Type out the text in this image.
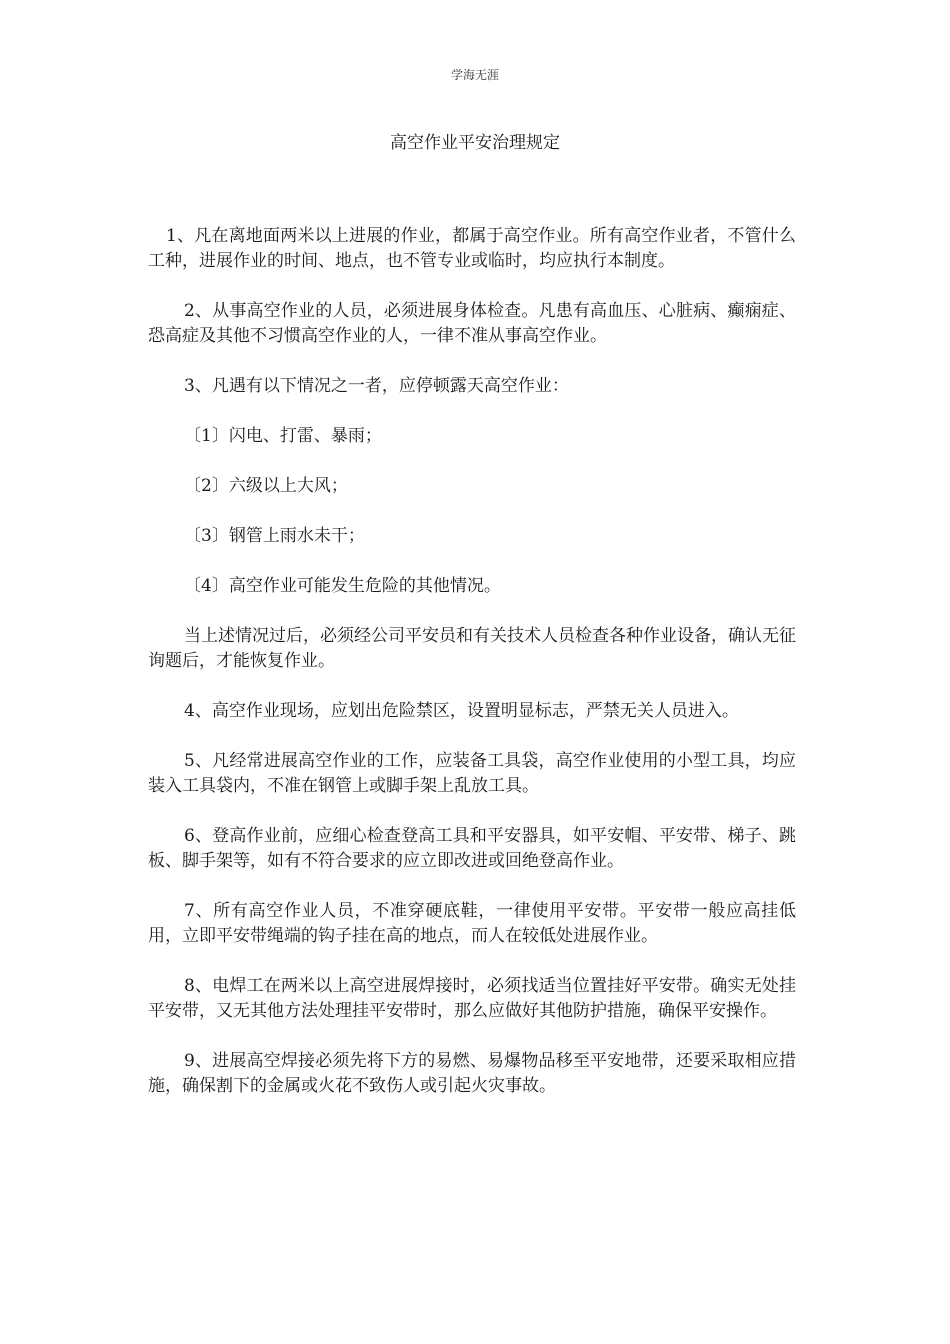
学海无涯
高空作业平安治理规定

1、凡在离地面两米以上进展的作业，都属于高空作业。所有高空作业者，不管什么工种，进展作业的时间、地点，也不管专业或临时，均应执行本制度。

2、从事高空作业的人员，必须进展身体检查。凡患有高血压、心脏病、癫痫症、恐高症及其他不习惯高空作业的人，一律不准从事高空作业。

3、凡遇有以下情况之一者，应停顿露天高空作业：

〔1〕闪电、打雷、暴雨；

〔2〕六级以上大风；

〔3〕钢管上雨水未干；

〔4〕高空作业可能发生危险的其他情况。

当上述情况过后，必须经公司平安员和有关技术人员检查各种作业设备，确认无征询题后，才能恢复作业。

4、高空作业现场，应划出危险禁区，设置明显标志，严禁无关人员进入。

5、凡经常进展高空作业的工作，应装备工具袋，高空作业使用的小型工具，均应装入工具袋内，不准在钢管上或脚手架上乱放工具。

6、登高作业前，应细心检查登高工具和平安器具，如平安帽、平安带、梯子、跳板、脚手架等，如有不符合要求的应立即改进或回绝登高作业。

7、所有高空作业人员，不准穿硬底鞋，一律使用平安带。平安带一般应高挂低用，立即平安带绳端的钩子挂在高的地点，而人在较低处进展作业。

8、电焊工在两米以上高空进展焊接时，必须找适当位置挂好平安带。确实无处挂平安带，又无其他方法处理挂平安带时，那么应做好其他防护措施，确保平安操作。

9、进展高空焊接必须先将下方的易燃、易爆物品移至平安地带，还要采取相应措施，确保割下的金属或火花不致伤人或引起火灾事故。
